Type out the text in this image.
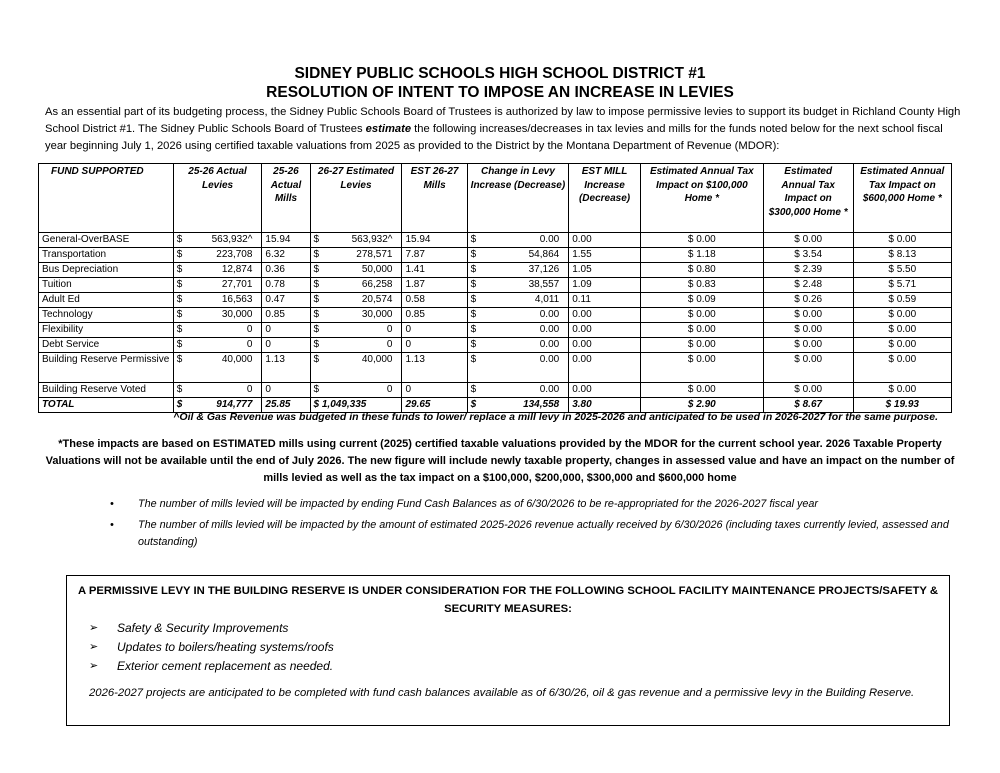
SIDNEY PUBLIC SCHOOLS HIGH SCHOOL DISTRICT #1
RESOLUTION OF INTENT TO IMPOSE AN INCREASE IN LEVIES
As an essential part of its budgeting process, the Sidney Public Schools Board of Trustees is authorized by law to impose permissive levies to support its budget in Richland County High School District #1. The Sidney Public Schools Board of Trustees estimate the following increases/decreases in tax levies and mills for the funds noted below for the next school fiscal year beginning July 1, 2026 using certified taxable valuations from 2025 as provided to the District by the Montana Department of Revenue (MDOR):
FUND SUPPORTED	25-26 Actual Levies	25-26 Actual Mills	26-27 Estimated Levies	EST 26-27 Mills	Change in Levy Increase (Decrease)	EST MILL Increase (Decrease)	Estimated Annual Tax Impact on $100,000 Home *	Estimated Annual Tax Impact on $300,000 Home *	Estimated Annual Tax Impact on $600,000 Home *
General-OverBASE	$ 563,932^	15.94	$ 563,932^	15.94	$ 0.00	0.00	$ 0.00	$ 0.00	$ 0.00
Transportation	$ 223,708	6.32	$ 278,571	7.87	$ 54,864	1.55	$ 1.18	$ 3.54	$ 8.13
Bus Depreciation	$ 12,874	0.36	$ 50,000	1.41	$ 37,126	1.05	$ 0.80	$ 2.39	$ 5.50
Tuition	$ 27,701	0.78	$ 66,258	1.87	$ 38,557	1.09	$ 0.83	$ 2.48	$ 5.71
Adult Ed	$ 16,563	0.47	$ 20,574	0.58	$ 4,011	0.11	$ 0.09	$ 0.26	$ 0.59
Technology	$ 30,000	0.85	$ 30,000	0.85	$ 0.00	0.00	$ 0.00	$ 0.00	$ 0.00
Flexibility	$ 0	0	$ 0	0	$ 0.00	0.00	$ 0.00	$ 0.00	$ 0.00
Debt Service	$ 0	0	$ 0	0	$ 0.00	0.00	$ 0.00	$ 0.00	$ 0.00
Building Reserve Permissive	$ 40,000	1.13	$ 40,000	1.13	$ 0.00	0.00	$ 0.00	$ 0.00	$ 0.00
Building Reserve Voted	$ 0	0	$ 0	0	$ 0.00	0.00	$ 0.00	$ 0.00	$ 0.00
TOTAL	$ 914,777	25.85	$ 1,049,335	29.65	$ 134,558	3.80	$ 2.90	$ 8.67	$ 19.93
^Oil & Gas Revenue was budgeted in these funds to lower/ replace a mill levy in 2025-2026 and anticipated to be used in 2026-2027 for the same purpose.
*These impacts are based on ESTIMATED mills using current (2025) certified taxable valuations provided by the MDOR for the current school year. 2026 Taxable Property Valuations will not be available until the end of July 2026. The new figure will include newly taxable property, changes in assessed value and have an impact on the number of mills levied as well as the tax impact on a $100,000, $200,000, $300,000 and $600,000 home
• The number of mills levied will be impacted by ending Fund Cash Balances as of 6/30/2026 to be re-appropriated for the 2026-2027 fiscal year
• The number of mills levied will be impacted by the amount of estimated 2025-2026 revenue actually received by 6/30/2026 (including taxes currently levied, assessed and outstanding)
A PERMISSIVE LEVY IN THE BUILDING RESERVE IS UNDER CONSIDERATION FOR THE FOLLOWING SCHOOL FACILITY MAINTENANCE PROJECTS/SAFETY & SECURITY MEASURES:
➢ Safety & Security Improvements
➢ Updates to boilers/heating systems/roofs
➢ Exterior cement replacement as needed.
2026-2027 projects are anticipated to be completed with fund cash balances available as of 6/30/26, oil & gas revenue and a permissive levy in the Building Reserve.
